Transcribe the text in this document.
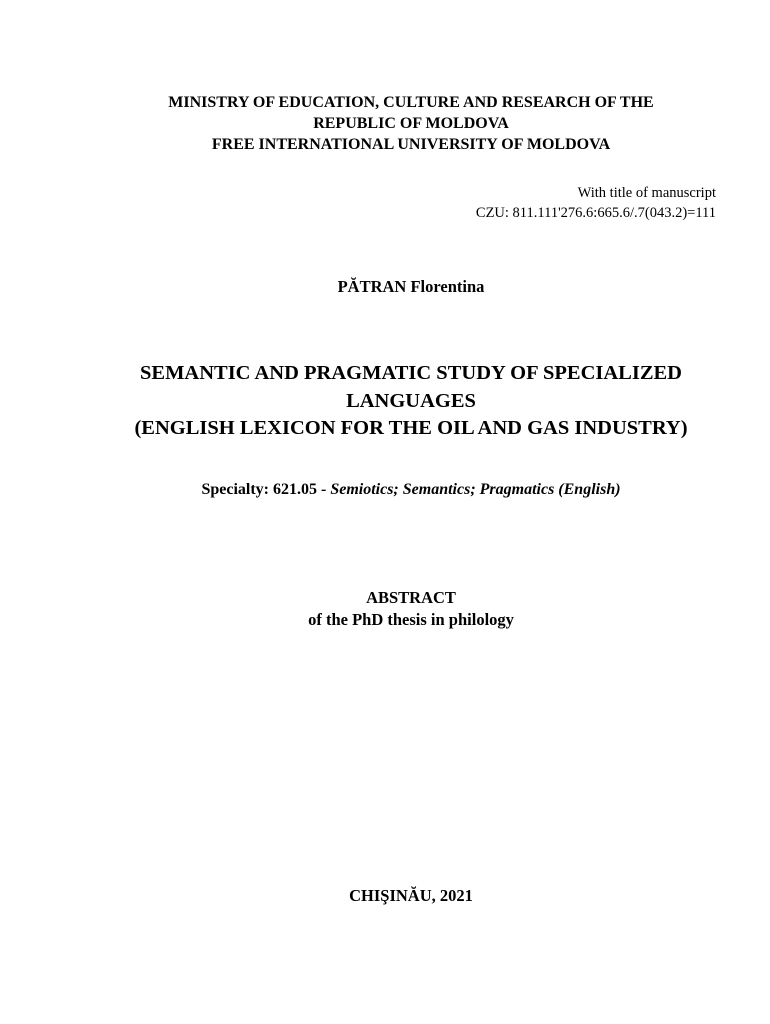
MINISTRY OF EDUCATION, CULTURE AND RESEARCH OF THE
REPUBLIC OF MOLDOVA
FREE INTERNATIONAL UNIVERSITY OF MOLDOVA
With title of manuscript
CZU: 811.111'276.6:665.6/.7(043.2)=111
PĂTRAN Florentina
SEMANTIC AND PRAGMATIC STUDY OF SPECIALIZED
LANGUAGES
(ENGLISH LEXICON FOR THE OIL AND GAS INDUSTRY)
Specialty: 621.05 - Semiotics; Semantics; Pragmatics (English)
ABSTRACT
of the PhD thesis in philology
CHIŞINĂU, 2021
